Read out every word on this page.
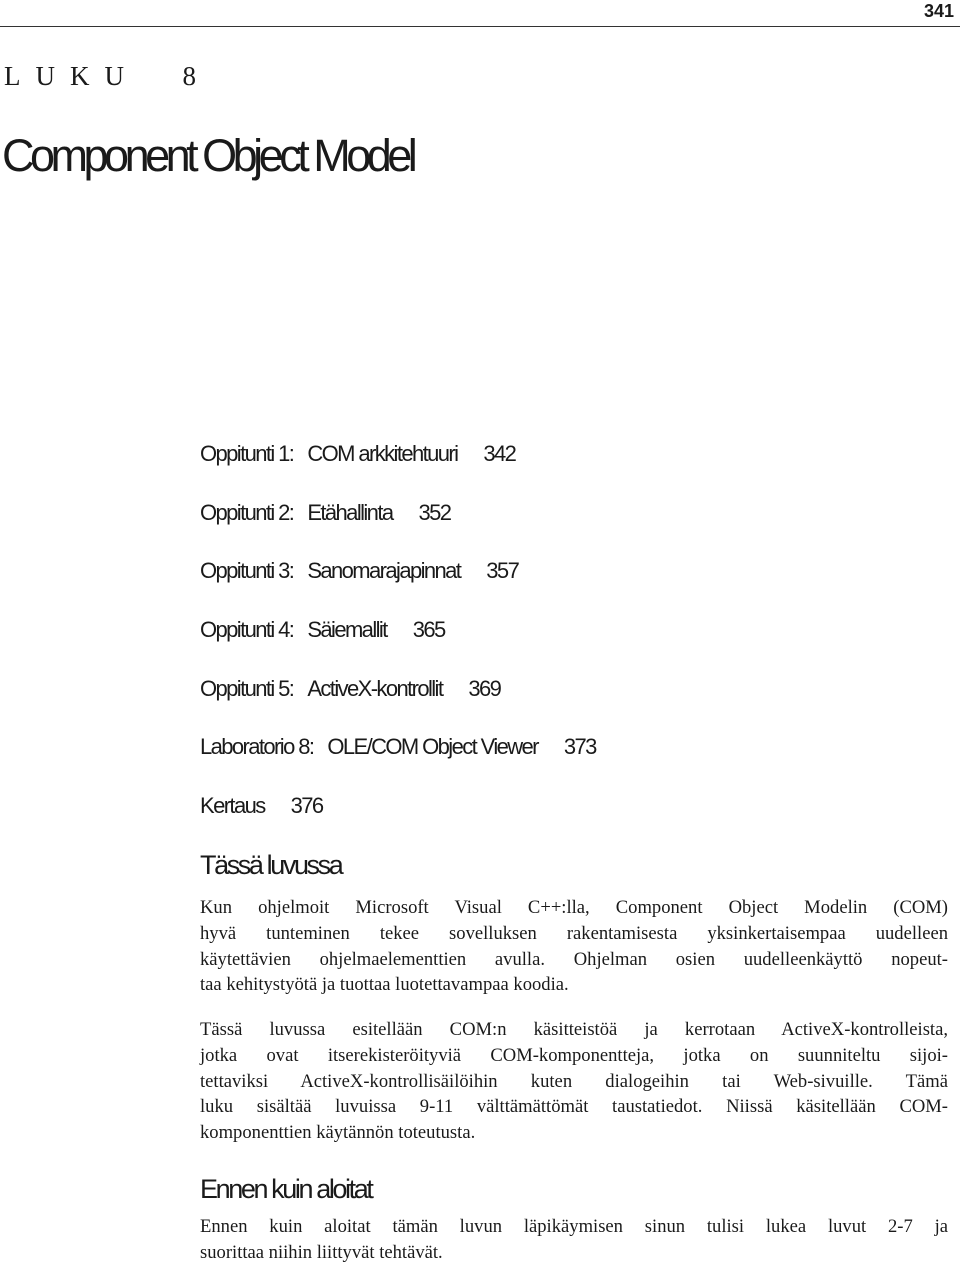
341
LUKU  8
Component Object Model
Oppitunti 1: COM arkkitehtuuri 342
Oppitunti 2: Etähallinta 352
Oppitunti 3: Sanomarajapinnat 357
Oppitunti 4: Säiemallit 365
Oppitunti 5: ActiveX-kontrollit 369
Laboratorio 8: OLE/COM Object Viewer 373
Kertaus 376
Tässä luvussa

Kun ohjelmoit Microsoft Visual C++:lla, Component Object Modelin (COM)
hyvä tunteminen tekee sovelluksen rakentamisesta yksinkertaisempaa uudelleen
käytettävien ohjelmaelementtien avulla. Ohjelman osien uudelleenkäyttö nopeut-
taa kehitystyötä ja tuottaa luotettavampaa koodia.

Tässä luvussa esitellään COM:n käsitteistöä ja kerrotaan ActiveX-kontrolleista,
jotka ovat itserekisteröityviä COM-komponentteja, jotka on suunniteltu sijoi-
tettaviksi ActiveX-kontrollisäilöihin kuten dialogeihin tai Web-sivuille. Tämä
luku sisältää luvuissa 9-11 välttämättömät taustatiedot. Niissä käsitellään COM-
komponenttien käytännön toteutusta.

Ennen kuin aloitat

Ennen kuin aloitat tämän luvun läpikäymisen sinun tulisi lukea luvut 2-7 ja
suorittaa niihin liittyvät tehtävät.
